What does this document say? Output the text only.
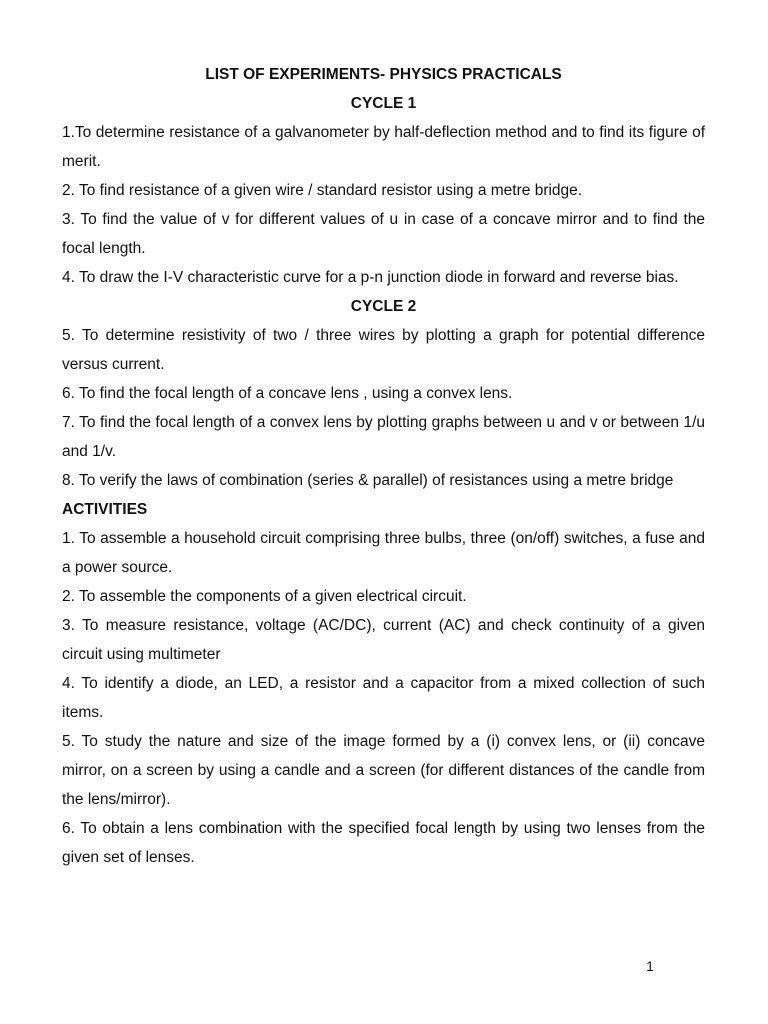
LIST OF EXPERIMENTS- PHYSICS PRACTICALS

CYCLE 1

1.To determine resistance of a galvanometer by half-deflection method and to find its figure of merit.

2. To find resistance of a given wire / standard resistor using a metre bridge.

3. To find the value of v for different values of u in case of a concave mirror and to find the focal length.

4. To draw the I-V characteristic curve for a p-n junction diode in forward and reverse bias.

CYCLE 2

5. To determine resistivity of two / three wires by plotting a graph for potential difference versus current.

6. To find the focal length of a concave lens , using a convex lens.

7. To find the focal length of a convex lens by plotting graphs between u and v or between 1/u and 1/v.

8. To verify the laws of combination (series & parallel) of resistances using a metre bridge

ACTIVITIES

1. To assemble a household circuit comprising three bulbs, three (on/off) switches, a fuse and a power source.

2. To assemble the components of a given electrical circuit.

3. To measure resistance, voltage (AC/DC), current (AC) and check continuity of a given circuit using multimeter

4. To identify a diode, an LED, a resistor and a capacitor from a mixed collection of such items.

5. To study the nature and size of the image formed by a (i) convex lens, or (ii) concave mirror, on a screen by using a candle and a screen (for different distances of the candle from the lens/mirror).

6. To obtain a lens combination with the specified focal length by using two lenses from the given set of lenses.

1
